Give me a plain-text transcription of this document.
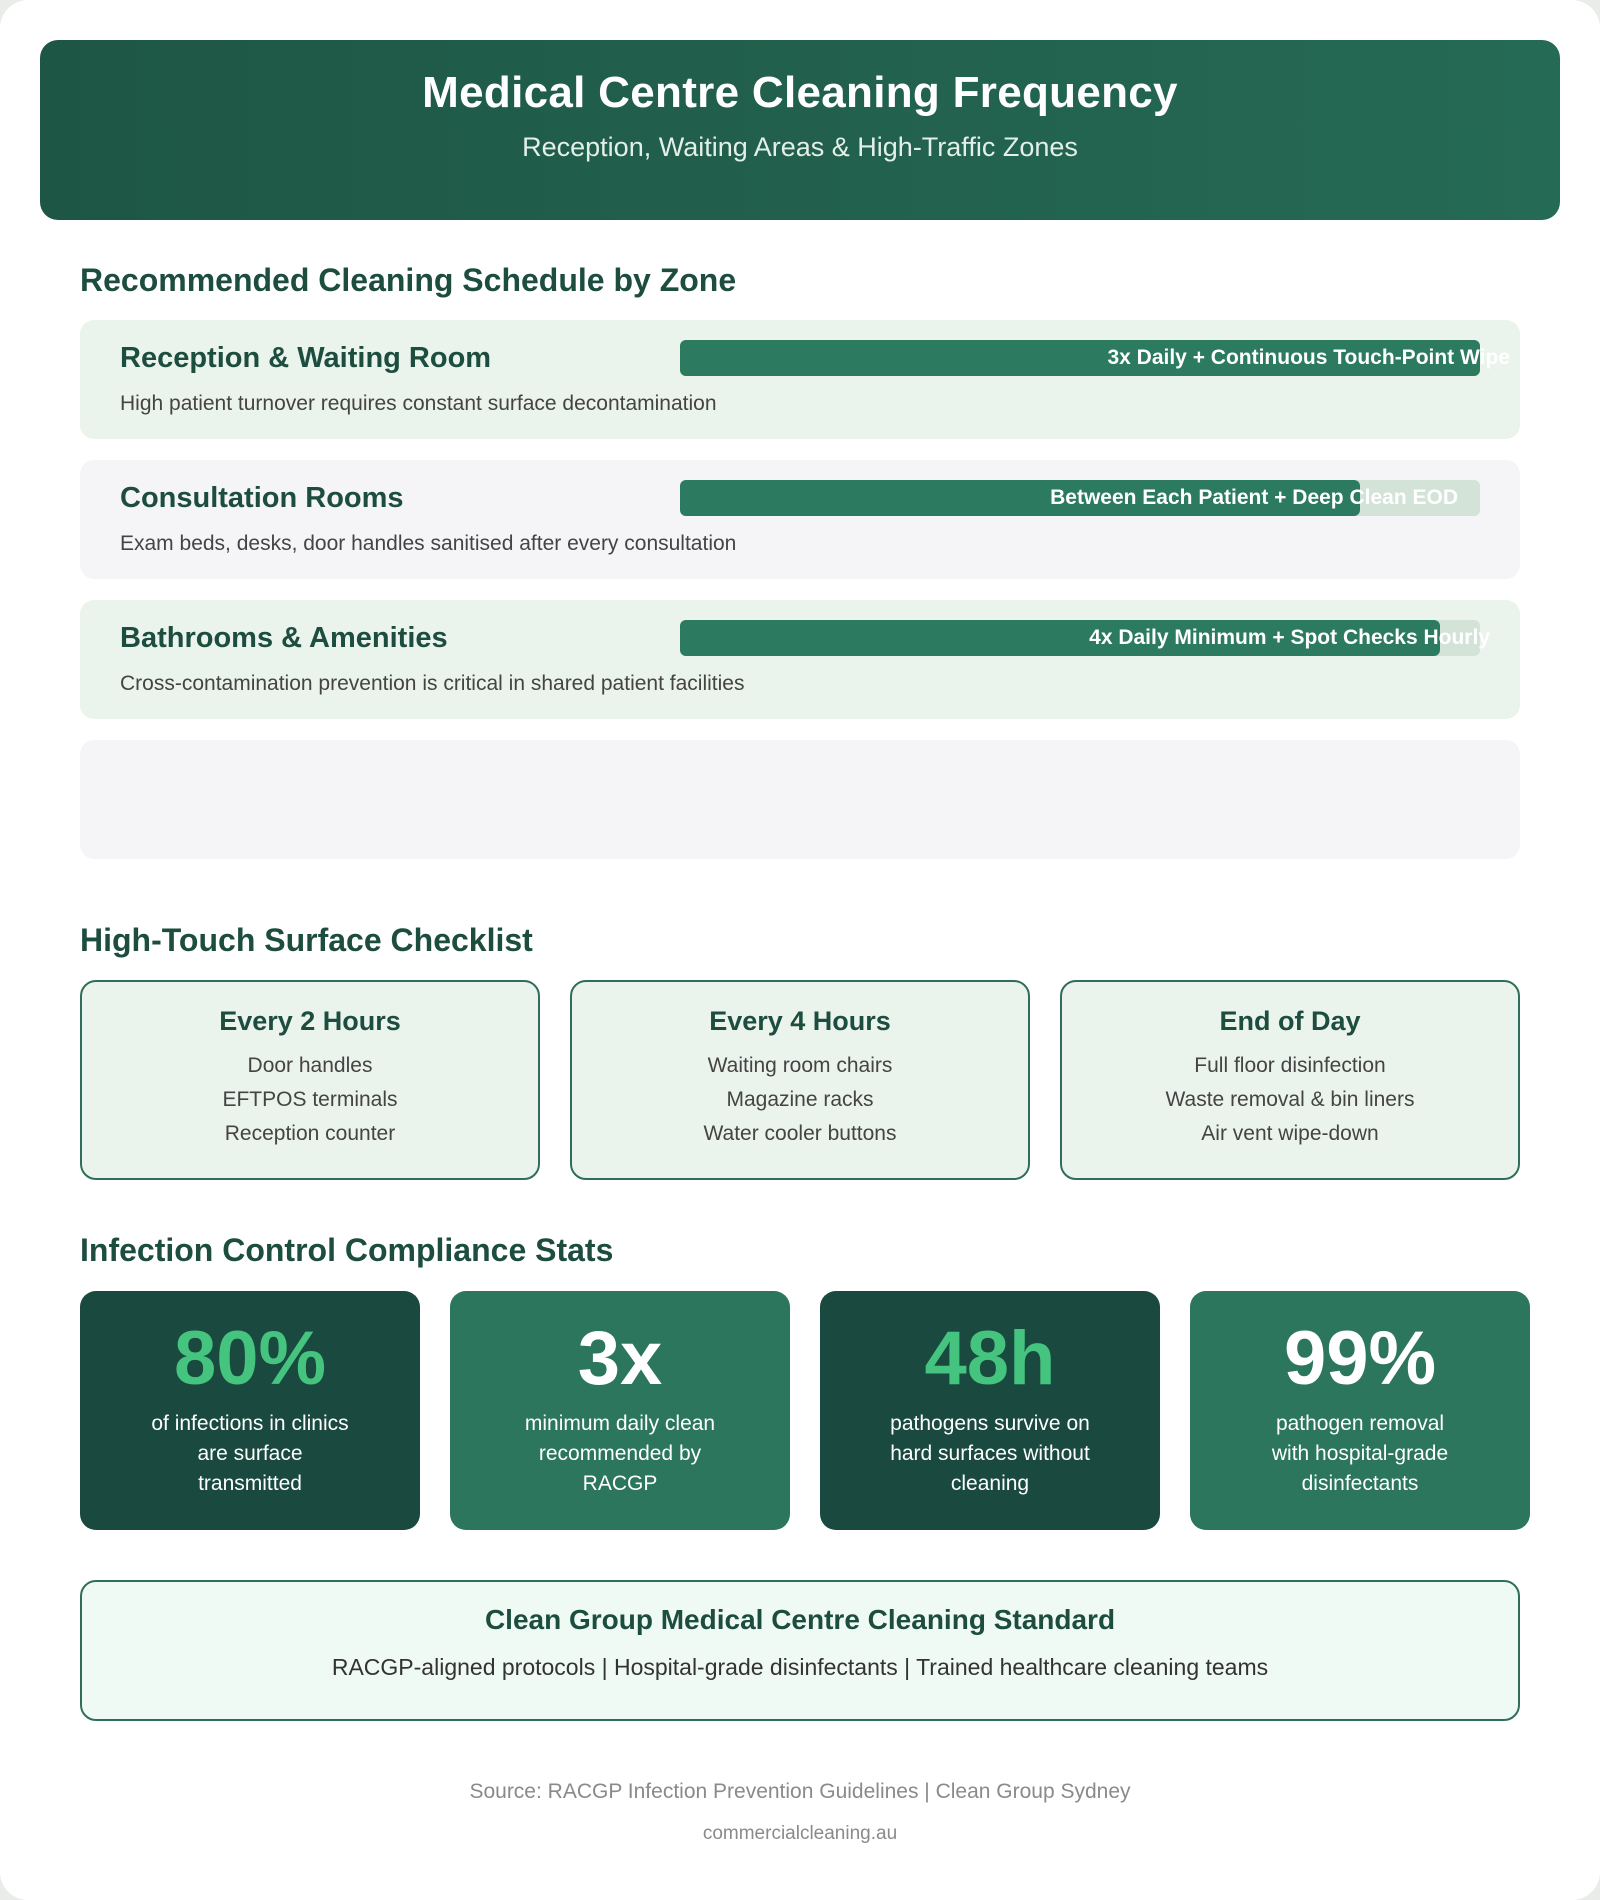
Medical Centre Cleaning Frequency
Reception, Waiting Areas & High-Traffic Zones
Recommended Cleaning Schedule by Zone
Reception & Waiting Room
High patient turnover requires constant surface decontamination
3x Daily + Continuous Touch-Point Wipe
Consultation Rooms
Exam beds, desks, door handles sanitised after every consultation
Between Each Patient + Deep Clean EOD
Bathrooms & Amenities
Cross-contamination prevention is critical in shared patient facilities
4x Daily Minimum + Spot Checks Hourly
High-Touch Surface Checklist
Every 2 Hours
Door handles
EFTPOS terminals
Reception counter
Every 4 Hours
Waiting room chairs
Magazine racks
Water cooler buttons
End of Day
Full floor disinfection
Waste removal & bin liners
Air vent wipe-down
Infection Control Compliance Stats
80%
of infections in clinics are surface transmitted
3x
minimum daily clean recommended by RACGP
48h
pathogens survive on hard surfaces without cleaning
99%
pathogen removal with hospital-grade disinfectants
Clean Group Medical Centre Cleaning Standard

RACGP-aligned protocols | Hospital-grade disinfectants | Trained healthcare cleaning teams

Source: RACGP Infection Prevention Guidelines | Clean Group Sydney
commercialcleaning.au
